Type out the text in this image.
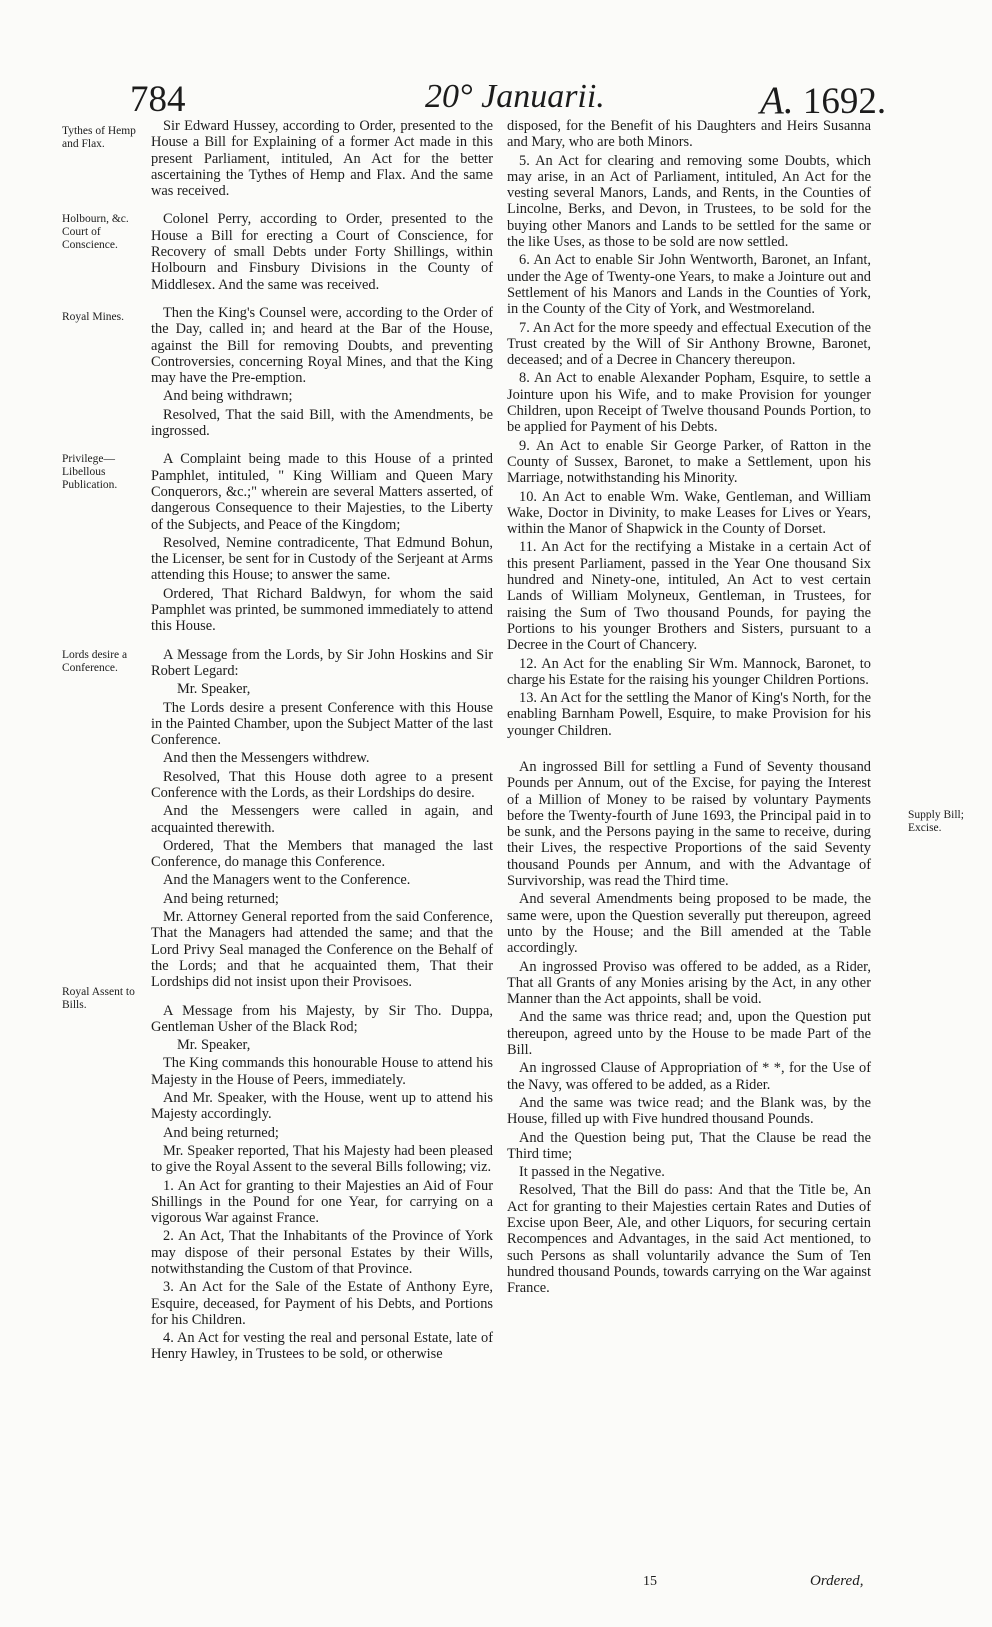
784	20° Januarii.	A. 1692.
Tythes of Hemp and Flax.
Holbourn, &c. Court of Conscience.
Royal Mines.
Privilege— Libellous Publication.
Lords desire a Conference.
Royal Assent to Bills.
Supply Bill; Excise.

Sir Edward Hussey, according to Order, presented to the House a Bill for Explaining of a former Act made in this present Parliament, intituled, An Act for the better ascertaining the Tythes of Hemp and Flax. And the same was received.

Colonel Perry, according to Order, presented to the House a Bill for erecting a Court of Conscience, for Recovery of small Debts under Forty Shillings, within Holbourn and Finsbury Divisions in the County of Middlesex. And the same was received.

Then the King's Counsel were, according to the Order of the Day, called in; and heard at the Bar of the House, against the Bill for removing Doubts, and preventing Controversies, concerning Royal Mines, and that the King may have the Pre-emption.

And being withdrawn;

Resolved, That the said Bill, with the Amendments, be ingrossed.

A Complaint being made to this House of a printed Pamphlet, intituled, " King William and Queen Mary Conquerors, &c.;" wherein are several Matters asserted, of dangerous Consequence to their Majesties, to the Liberty of the Subjects, and Peace of the Kingdom;

Resolved, Nemine contradicente, That Edmund Bohun, the Licenser, be sent for in Custody of the Serjeant at Arms attending this House; to answer the same.

Ordered, That Richard Baldwyn, for whom the said Pamphlet was printed, be summoned immediately to attend this House.

A Message from the Lords, by Sir John Hoskins and Sir Robert Legard:

Mr. Speaker,

The Lords desire a present Conference with this House in the Painted Chamber, upon the Subject Matter of the last Conference.

And then the Messengers withdrew.

Resolved, That this House doth agree to a present Conference with the Lords, as their Lordships do desire.

And the Messengers were called in again, and acquainted therewith.

Ordered, That the Members that managed the last Conference, do manage this Conference.

And the Managers went to the Conference.

And being returned;

Mr. Attorney General reported from the said Conference, That the Managers had attended the same; and that the Lord Privy Seal managed the Conference on the Behalf of the Lords; and that he acquainted them, That their Lordships did not insist upon their Provisoes.

A Message from his Majesty, by Sir Tho. Duppa, Gentleman Usher of the Black Rod;

Mr. Speaker,

The King commands this honourable House to attend his Majesty in the House of Peers, immediately.

And Mr. Speaker, with the House, went up to attend his Majesty accordingly.

And being returned;

Mr. Speaker reported, That his Majesty had been pleased to give the Royal Assent to the several Bills following; viz.

1. An Act for granting to their Majesties an Aid of Four Shillings in the Pound for one Year, for carrying on a vigorous War against France.

2. An Act, That the Inhabitants of the Province of York may dispose of their personal Estates by their Wills, notwithstanding the Custom of that Province.

3. An Act for the Sale of the Estate of Anthony Eyre, Esquire, deceased, for Payment of his Debts, and Portions for his Children.

4. An Act for vesting the real and personal Estate, late of Henry Hawley, in Trustees to be sold, or otherwise

disposed, for the Benefit of his Daughters and Heirs Susanna and Mary, who are both Minors.

5. An Act for clearing and removing some Doubts, which may arise, in an Act of Parliament, intituled, An Act for the vesting several Manors, Lands, and Rents, in the Counties of Lincolne, Berks, and Devon, in Trustees, to be sold for the buying other Manors and Lands to be settled for the same or the like Uses, as those to be sold are now settled.

6. An Act to enable Sir John Wentworth, Baronet, an Infant, under the Age of Twenty-one Years, to make a Jointure out and Settlement of his Manors and Lands in the Counties of York, in the County of the City of York, and Westmoreland.

7. An Act for the more speedy and effectual Execution of the Trust created by the Will of Sir Anthony Browne, Baronet, deceased; and of a Decree in Chancery thereupon.

8. An Act to enable Alexander Popham, Esquire, to settle a Jointure upon his Wife, and to make Provision for younger Children, upon Receipt of Twelve thousand Pounds Portion, to be applied for Payment of his Debts.

9. An Act to enable Sir George Parker, of Ratton in the County of Sussex, Baronet, to make a Settlement, upon his Marriage, notwithstanding his Minority.

10. An Act to enable Wm. Wake, Gentleman, and William Wake, Doctor in Divinity, to make Leases for Lives or Years, within the Manor of Shapwick in the County of Dorset.

11. An Act for the rectifying a Mistake in a certain Act of this present Parliament, passed in the Year One thousand Six hundred and Ninety-one, intituled, An Act to vest certain Lands of William Molyneux, Gentleman, in Trustees, for raising the Sum of Two thousand Pounds, for paying the Portions to his younger Brothers and Sisters, pursuant to a Decree in the Court of Chancery.

12. An Act for the enabling Sir Wm. Mannock, Baronet, to charge his Estate for the raising his younger Children Portions.

13. An Act for the settling the Manor of King's North, for the enabling Barnham Powell, Esquire, to make Provision for his younger Children.

An ingrossed Bill for settling a Fund of Seventy thousand Pounds per Annum, out of the Excise, for paying the Interest of a Million of Money to be raised by voluntary Payments before the Twenty-fourth of June 1693, the Principal paid in to be sunk, and the Persons paying in the same to receive, during their Lives, the respective Proportions of the said Seventy thousand Pounds per Annum, and with the Advantage of Survivorship, was read the Third time.

And several Amendments being proposed to be made, the same were, upon the Question severally put thereupon, agreed unto by the House; and the Bill amended at the Table accordingly.

An ingrossed Proviso was offered to be added, as a Rider, That all Grants of any Monies arising by the Act, in any other Manner than the Act appoints, shall be void.

And the same was thrice read; and, upon the Question put thereupon, agreed unto by the House to be made Part of the Bill.

An ingrossed Clause of Appropriation of * *, for the Use of the Navy, was offered to be added, as a Rider.

And the same was twice read; and the Blank was, by the House, filled up with Five hundred thousand Pounds.

And the Question being put, That the Clause be read the Third time;

It passed in the Negative.

Resolved, That the Bill do pass: And that the Title be, An Act for granting to their Majesties certain Rates and Duties of Excise upon Beer, Ale, and other Liquors, for securing certain Recompences and Advantages, in the said Act mentioned, to such Persons as shall voluntarily advance the Sum of Ten hundred thousand Pounds, towards carrying on the War against France.

15	Ordered,
